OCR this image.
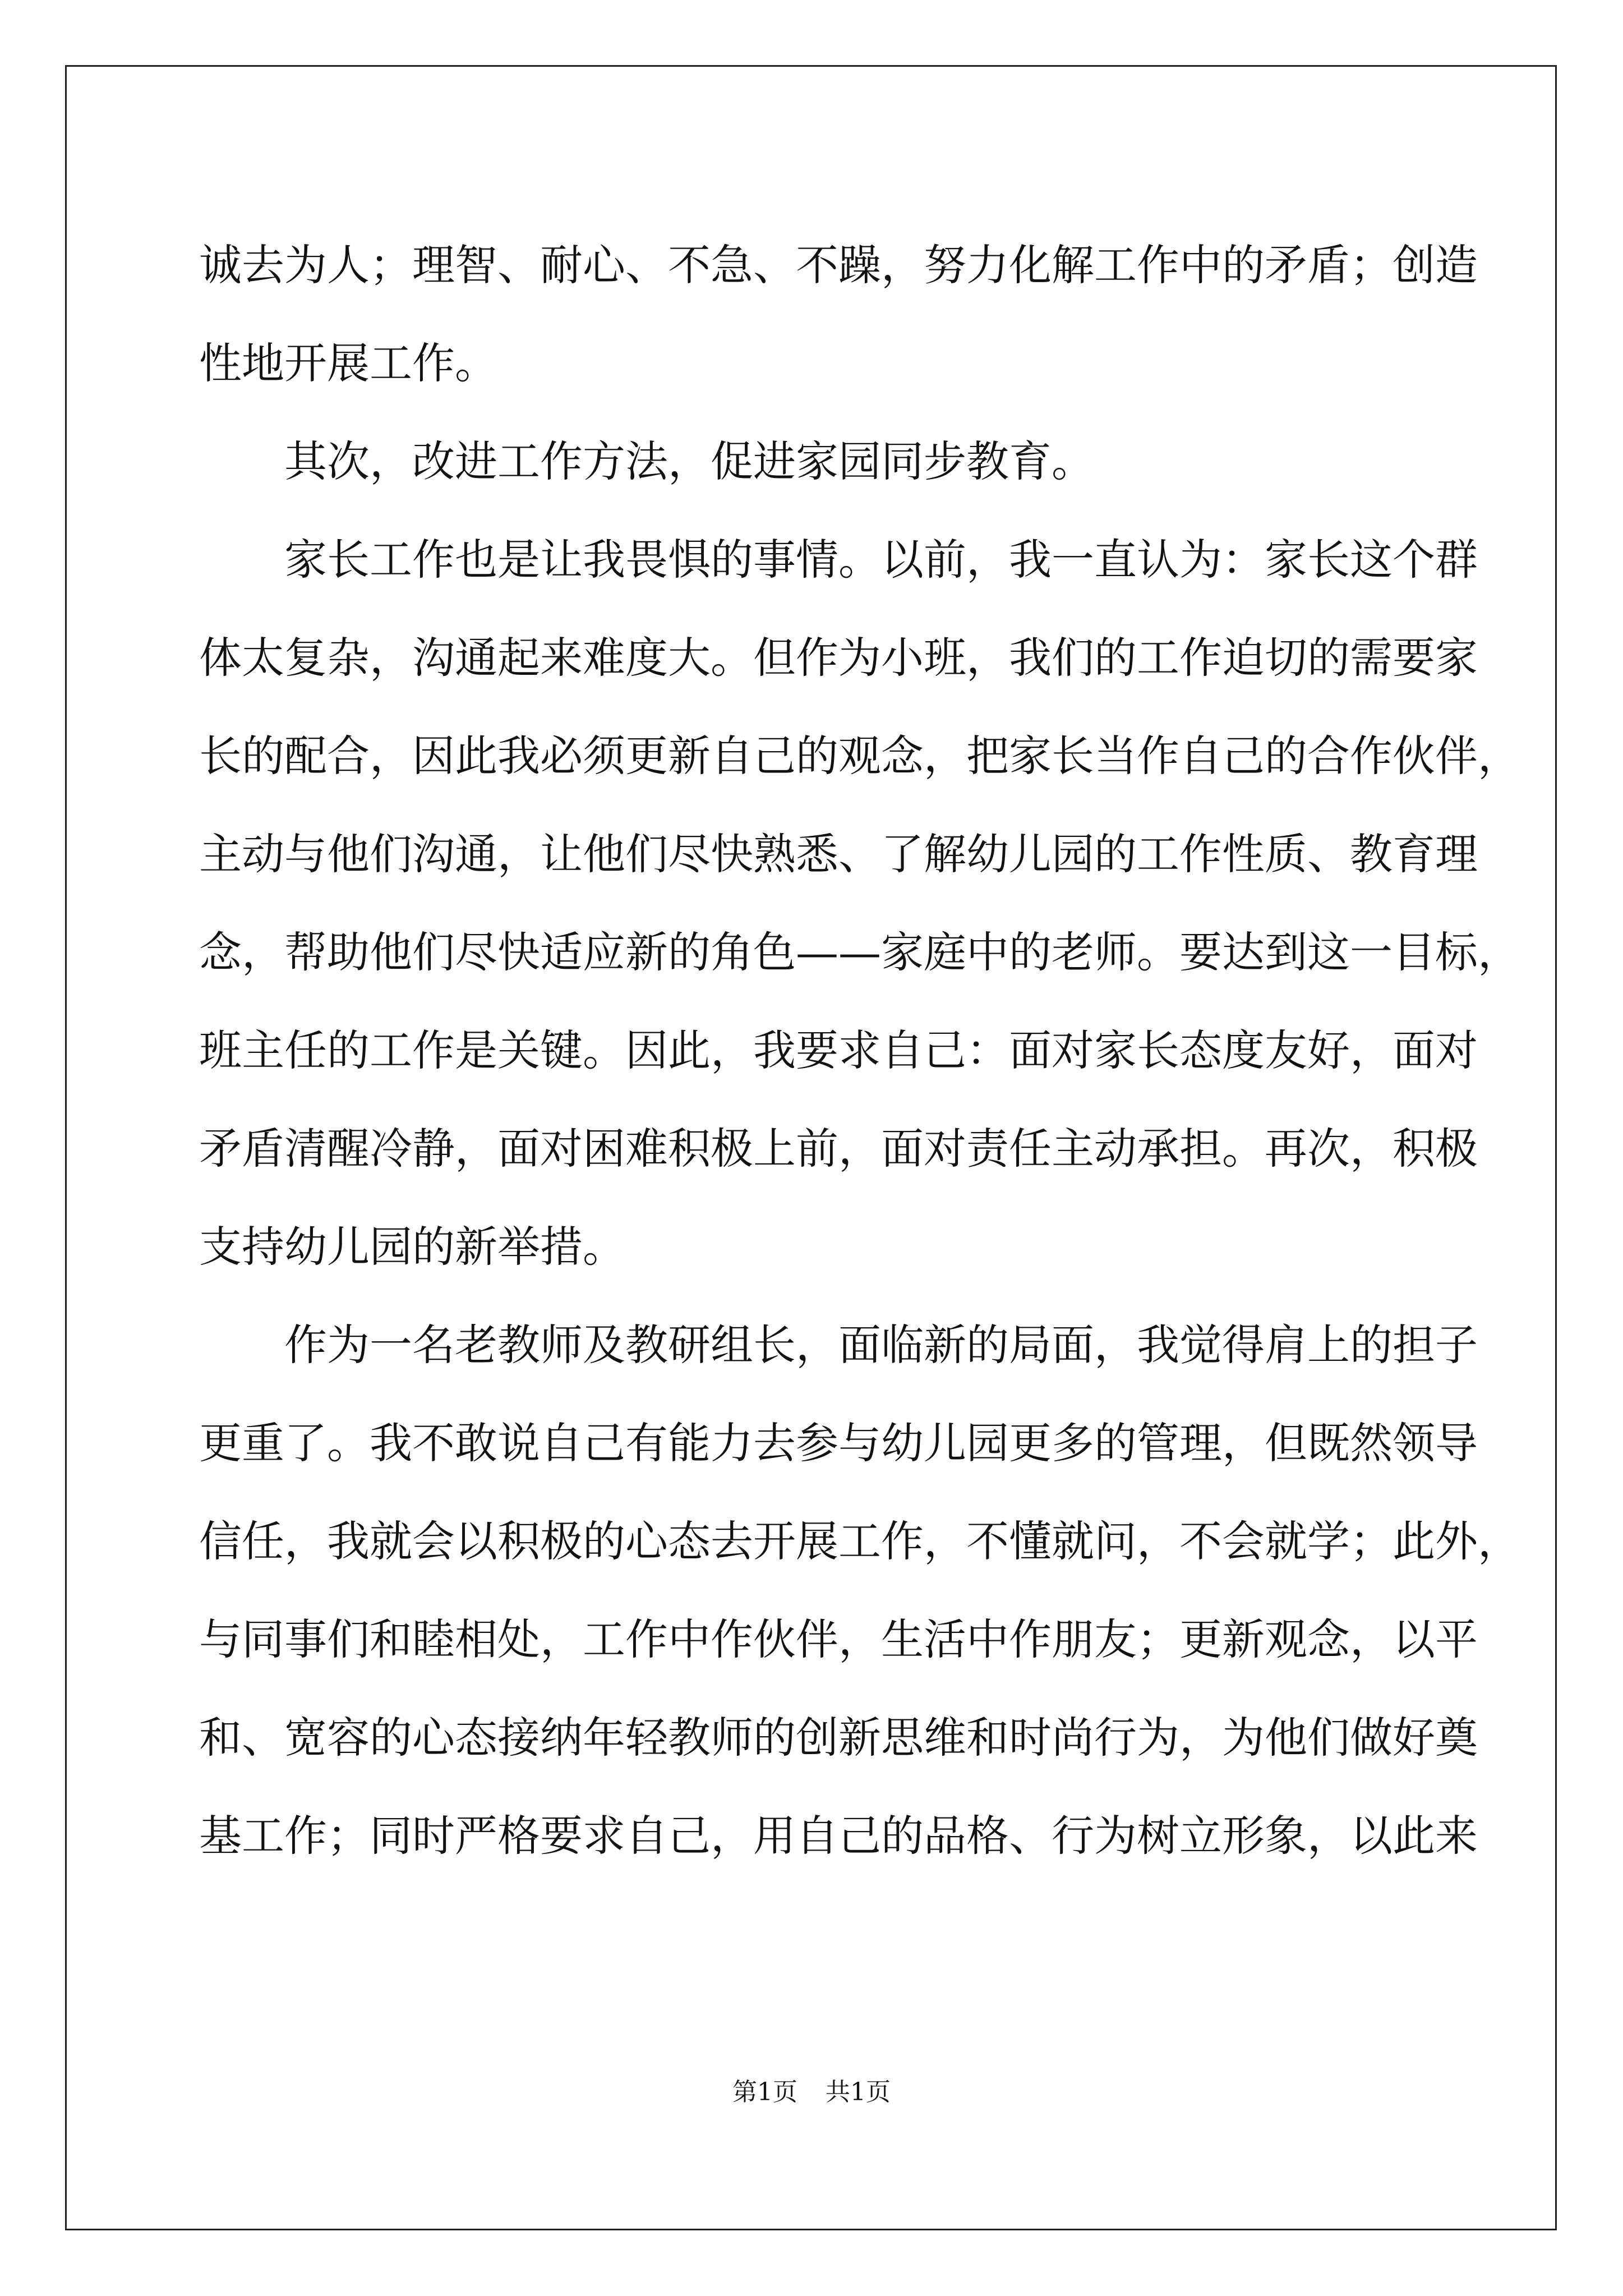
诚去为人；理智、耐心、不急、不躁，努力化解工作中的矛盾；创造
性地开展工作。
其次，改进工作方法，促进家园同步教育。
家长工作也是让我畏惧的事情。以前，我一直认为：家长这个群
体太复杂，沟通起来难度大。但作为小班，我们的工作迫切的需要家
长的配合，因此我必须更新自己的观念，把家长当作自己的合作伙伴，
主动与他们沟通，让他们尽快熟悉、了解幼儿园的工作性质、教育理
念，帮助他们尽快适应新的角色——家庭中的老师。要达到这一目标，
班主任的工作是关键。因此，我要求自己：面对家长态度友好，面对
矛盾清醒冷静，面对困难积极上前，面对责任主动承担。再次，积极
支持幼儿园的新举措。
作为一名老教师及教研组长，面临新的局面，我觉得肩上的担子
更重了。我不敢说自己有能力去参与幼儿园更多的管理，但既然领导
信任，我就会以积极的心态去开展工作，不懂就问，不会就学；此外，
与同事们和睦相处，工作中作伙伴，生活中作朋友；更新观念，以平
和、宽容的心态接纳年轻教师的创新思维和时尚行为，为他们做好奠
基工作；同时严格要求自己，用自己的品格、行为树立形象，以此来
第1页 共1页
